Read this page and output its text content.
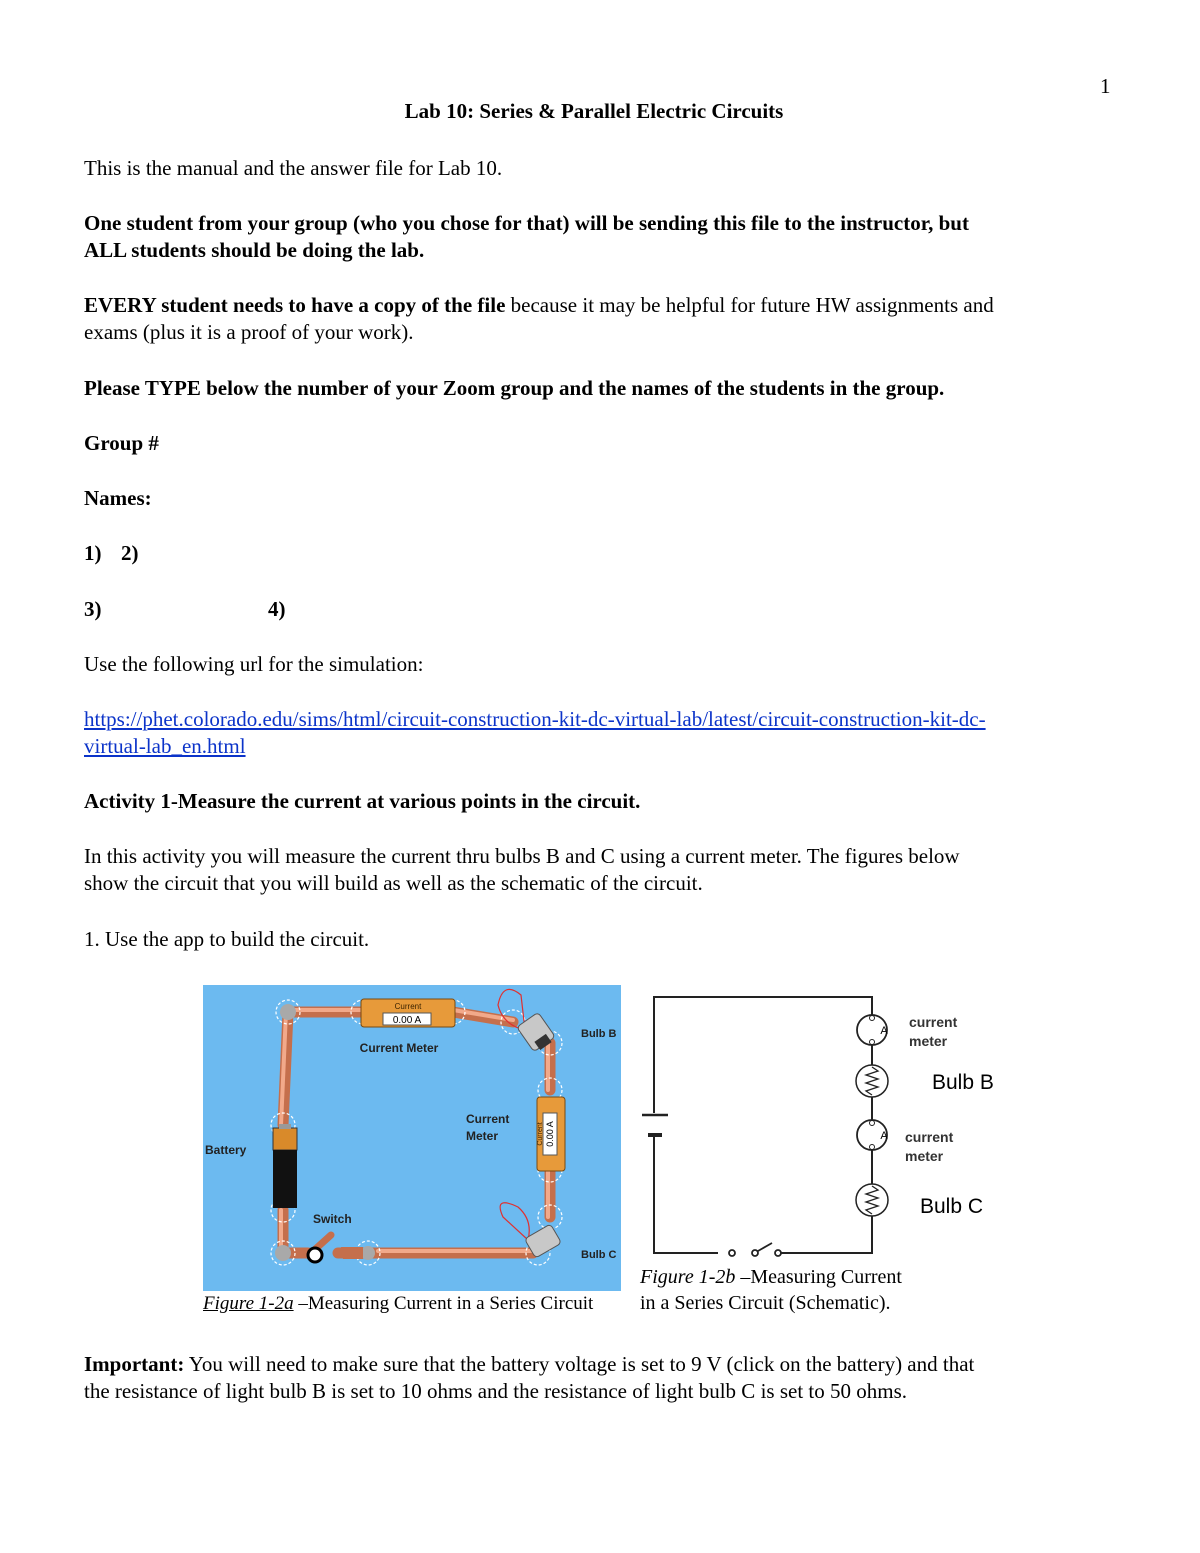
1
Lab 10: Series & Parallel Electric Circuits
This is the manual and the answer file for Lab 10.
One student from your group (who you chose for that) will be sending this file to the instructor, but
ALL students should be doing the lab.
EVERY student needs to have a copy of the file because it may be helpful for future HW assignments and
exams (plus it is a proof of your work).
Please TYPE below the number of your Zoom group and the names of the students in the group.
Group #
Names:
1) 2)
3)	4)
Use the following url for the simulation:
https://phet.colorado.edu/sims/html/circuit-construction-kit-dc-virtual-lab/latest/circuit-construction-kit-dc-
virtual-lab_en.html
Activity 1-Measure the current at various points in the circuit.
In this activity you will measure the current thru bulbs B and C using a current meter. The figures below
show the circuit that you will build as well as the schematic of the circuit.
1. Use the app to build the circuit.
Current
0.00 A
Current Meter
Bulb B
0.00 A
Current
Current
Meter
Battery
Switch
Bulb C
Figure 1-2a –Measuring Current in a Series Circuit
A
current
meter
Bulb B
A current
meter
Bulb C
Figure 1-2b –Measuring Current
in a Series Circuit (Schematic).
Important: You will need to make sure that the battery voltage is set to 9 V (click on the battery) and that
the resistance of light bulb B is set to 10 ohms and the resistance of light bulb C is set to 50 ohms.
